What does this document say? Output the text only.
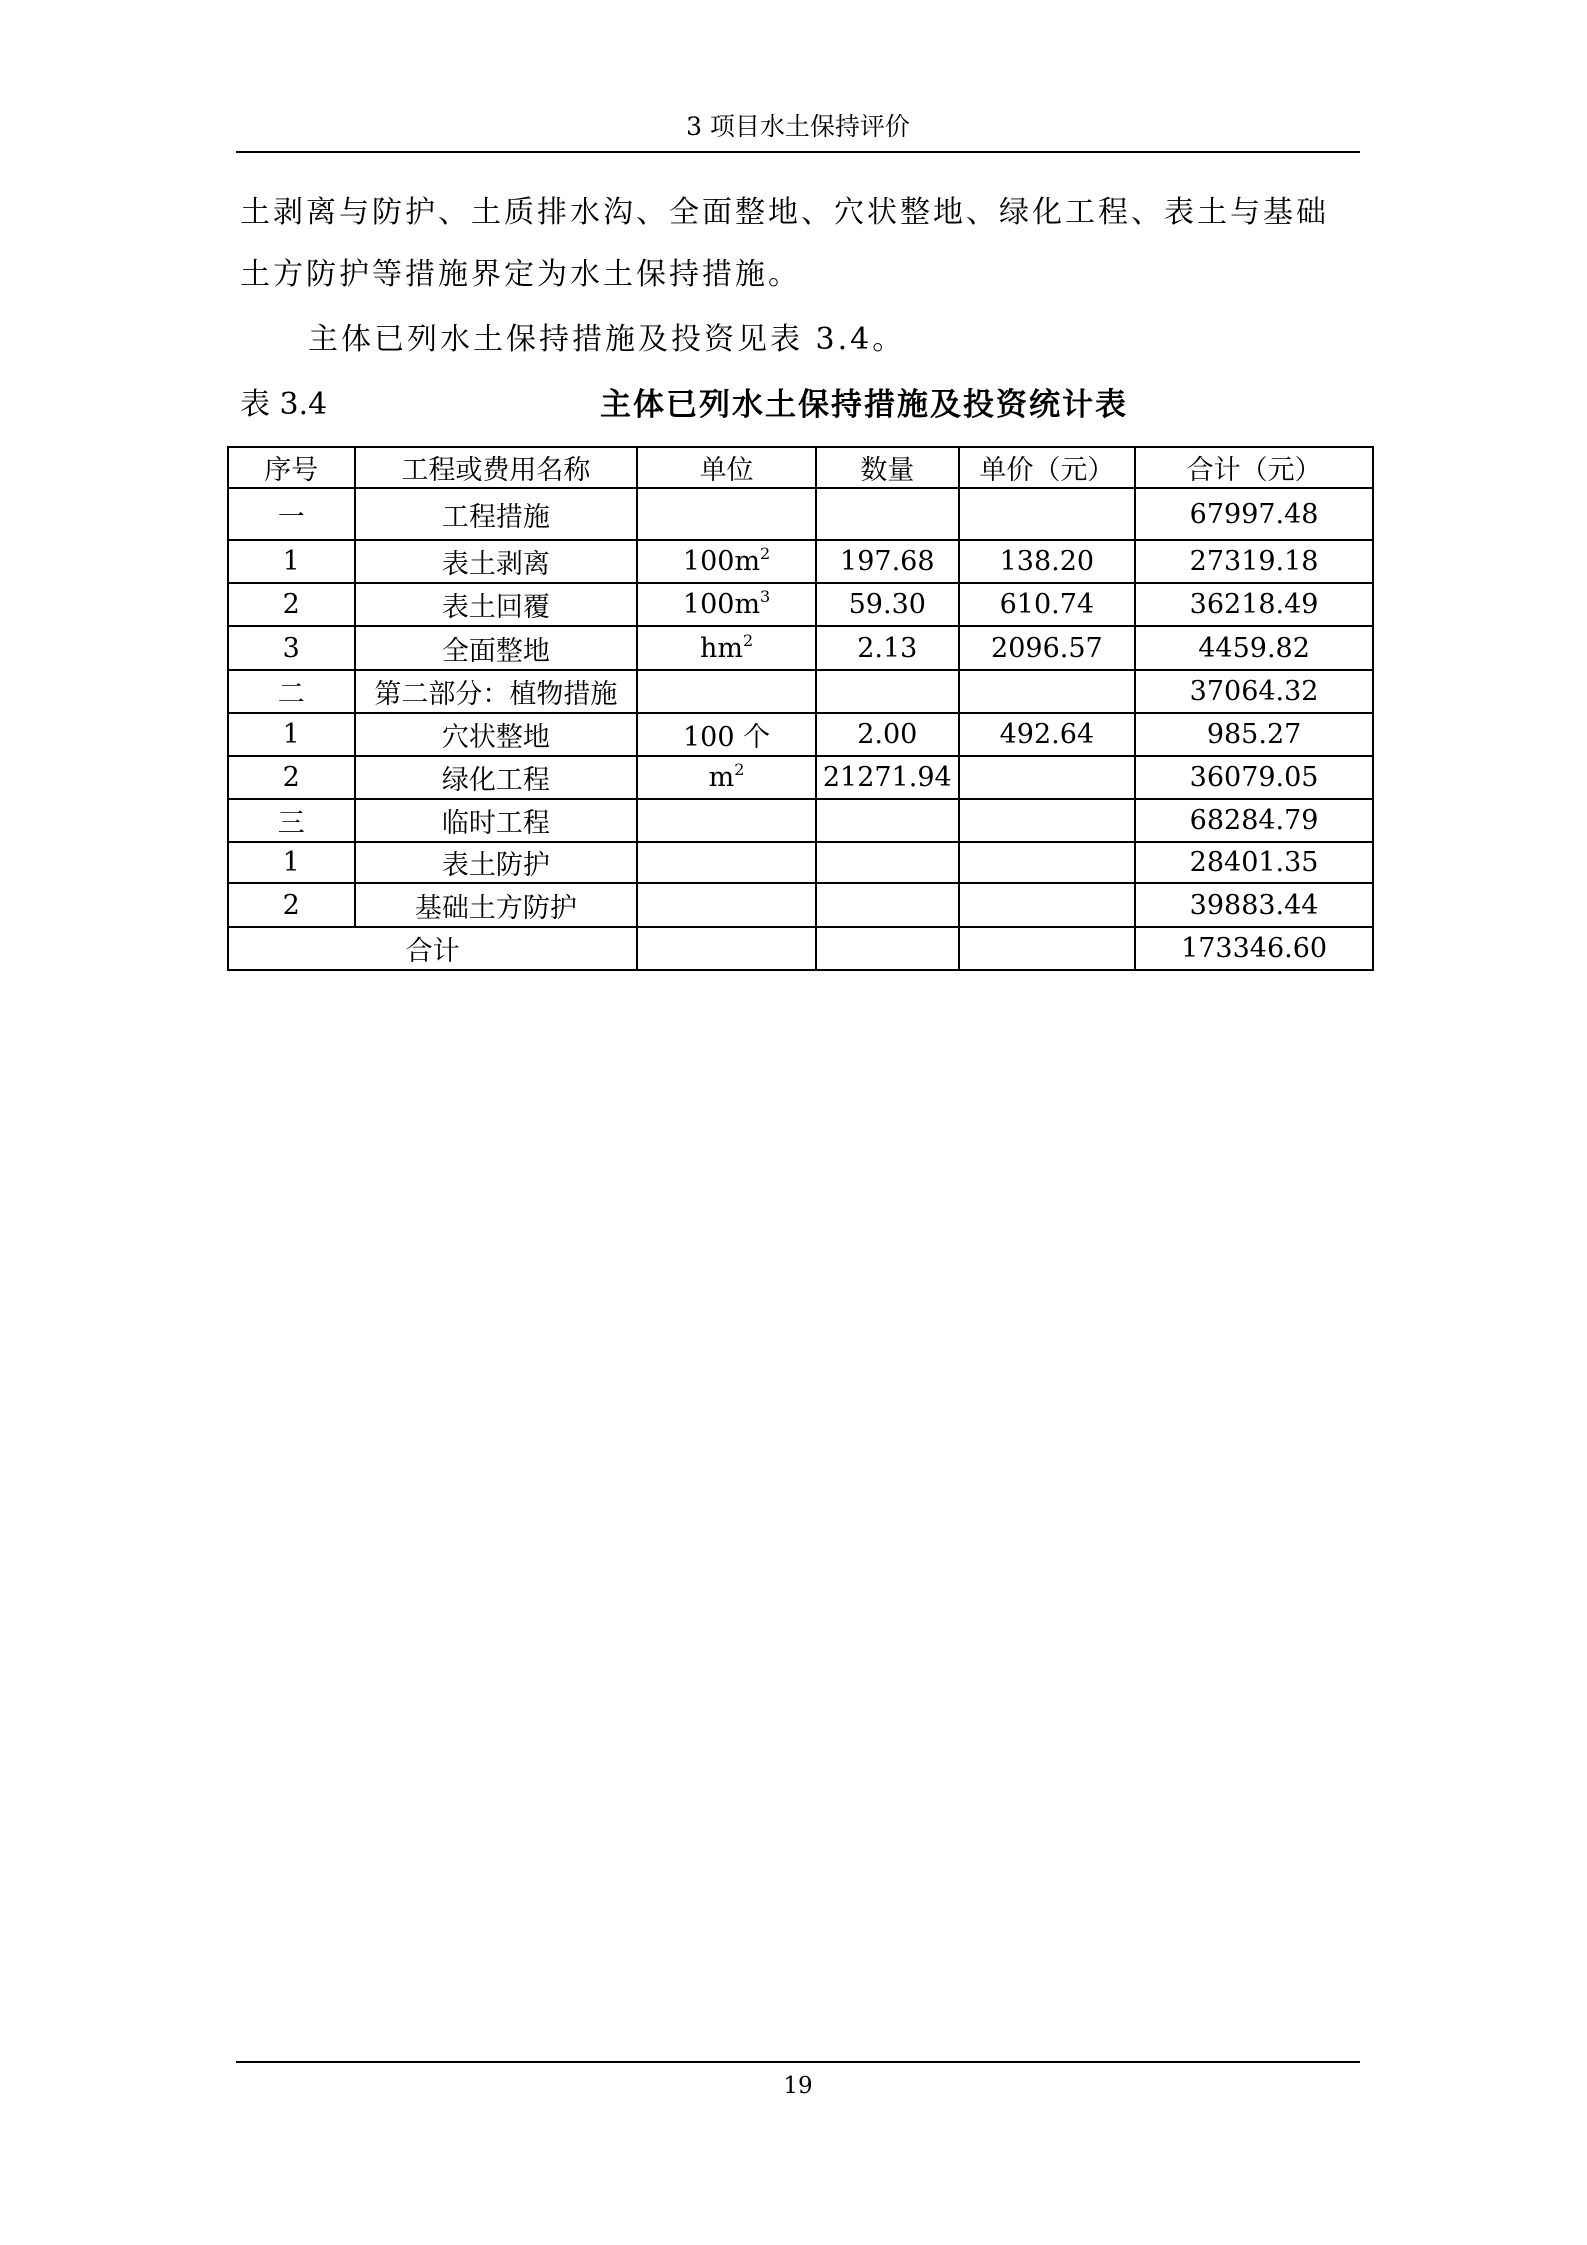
3 项目水土保持评价
土剥离与防护、土质排水沟、全面整地、穴状整地、绿化工程、表土与基础
土方防护等措施界定为水土保持措施。
主体已列水土保持措施及投资见表 3.4。
表 3.4	主体已列水土保持措施及投资统计表
序号	工程或费用名称	单位	数量	单价（元）	合计（元）
一	工程措施				67997.48
1	表土剥离	$100m^2$	197.68	138.20	27319.18
2	表土回覆	$100m^3$	59.30	610.74	36218.49
3	全面整地	$hm^2$	2.13	2096.57	4459.82
二	第二部分：植物措施				37064.32
1	穴状整地	100 个	2.00	492.64	985.27
2	绿化工程	$m^2$	21271.94		36079.05
三	临时工程				68284.79
1	表土防护				28401.35
2	基础土方防护				39883.44
合计					173346.60
19
